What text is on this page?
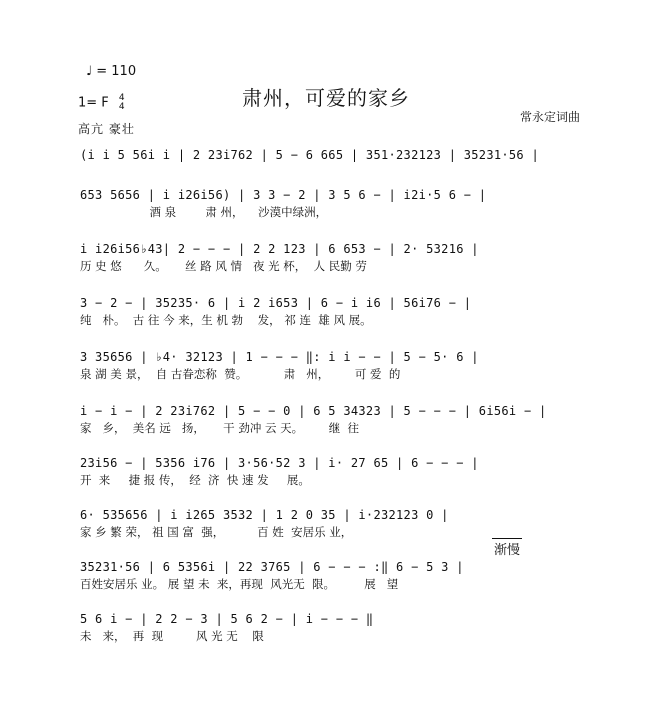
♩ = 110
1= F 4
4
高亢 豪壮
肃州，可爱的家乡
常永定词曲
(i i 5 56i i | 2 23i762 | 5 − 6 665 | 351·232123 | 35231·56 |
653 5656 | i i26i56) | 3 3 − 2 | 3 5 6 − | i2i·5 6 − |
酒 泉        肃 州，    沙漠中绿洲，
i i26i56♭43| 2 − − − | 2 2 123 | 6 653 − | 2· 53216 |
历 史 悠      久。     丝 路 风 情   夜 光 杯，  人 民勤 劳
3 − 2 − | 35235· 6 | i 2 i653 | 6 − i i6 | 56i76 − |
纯   朴。  古 往 今 来，生 机 勃    发， 祁 连  雄 风 展。
3 35656 | ♭4· 32123 | 1 − − − ‖: i i − − | 5 − 5· 6 |
泉 湖 美 景，  自 古眷恋称  赞。          肃   州，       可 爱  的
i − i − | 2 23i762 | 5 − − 0 | 6 5 34323 | 5 − − − | 6i56i − |
家   乡，  美名 远   扬，     干 劲冲 云 天。       继  往
23i56 − | 5356 i76 | 3·56·52 3 | i· 27 65 | 6 − − − |
开  来     捷 报 传，  经  济  快 速 发     展。
6· 535656 | i i265 3532 | 1 2 0 35 | i·232123 0 |
家 乡 繁 荣， 祖 国 富  强，         百 姓  安居乐 业，
35231·56 | 6 5356i | 22 3765 | 6 − − − :‖ 6 − 5 3 |
百姓安居乐 业。 展 望 未  来，再现  风光无  限。        展   望
5 6 i − | 2 2 − 3 | 5 6 2 − | i − − − ‖
未   来，  再  现         风 光 无    限
渐慢
